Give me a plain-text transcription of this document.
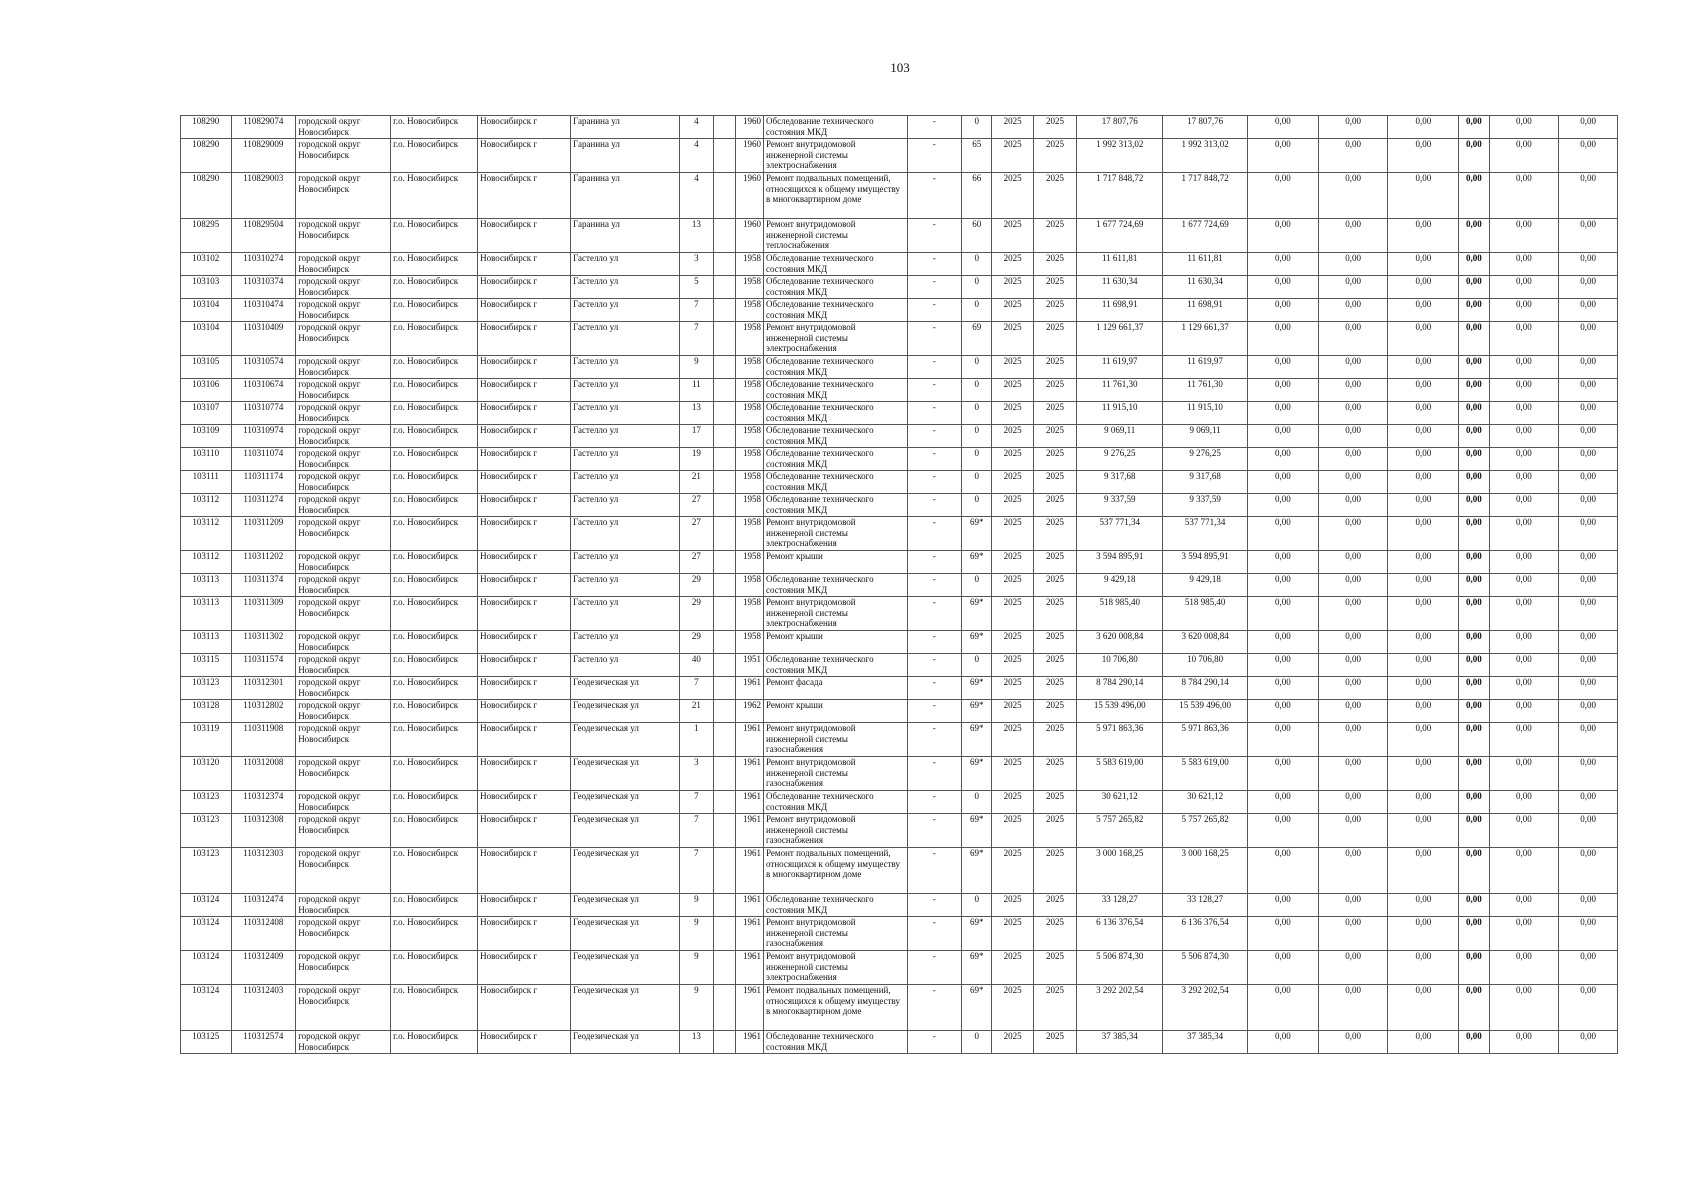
103
108290	110829074	городской округ Новосибирск	г.о. Новосибирск	Новосибирск г	Гаранина ул	4		1960	Обследование технического состояния МКД	-	0	2025	2025	17 807,76	17 807,76	0,00	0,00	0,00	0,00	0,00	0,00
108290	110829009	городской округ Новосибирск	г.о. Новосибирск	Новосибирск г	Гаранина ул	4		1960	Ремонт внутридомовой инженерной системы электроснабжения	-	65	2025	2025	1 992 313,02	1 992 313,02	0,00	0,00	0,00	0,00	0,00	0,00
108290	110829003	городской округ Новосибирск	г.о. Новосибирск	Новосибирск г	Гаранина ул	4		1960	Ремонт подвальных помещений, относящихся к общему имуществу в многоквартирном доме	-	66	2025	2025	1 717 848,72	1 717 848,72	0,00	0,00	0,00	0,00	0,00	0,00
108295	110829504	городской округ Новосибирск	г.о. Новосибирск	Новосибирск г	Гаранина ул	13		1960	Ремонт внутридомовой инженерной системы теплоснабжения	-	60	2025	2025	1 677 724,69	1 677 724,69	0,00	0,00	0,00	0,00	0,00	0,00
103102	110310274	городской округ Новосибирск	г.о. Новосибирск	Новосибирск г	Гастелло ул	3		1958	Обследование технического состояния МКД	-	0	2025	2025	11 611,81	11 611,81	0,00	0,00	0,00	0,00	0,00	0,00
103103	110310374	городской округ Новосибирск	г.о. Новосибирск	Новосибирск г	Гастелло ул	5		1958	Обследование технического состояния МКД	-	0	2025	2025	11 630,34	11 630,34	0,00	0,00	0,00	0,00	0,00	0,00
103104	110310474	городской округ Новосибирск	г.о. Новосибирск	Новосибирск г	Гастелло ул	7		1958	Обследование технического состояния МКД	-	0	2025	2025	11 698,91	11 698,91	0,00	0,00	0,00	0,00	0,00	0,00
103104	110310409	городской округ Новосибирск	г.о. Новосибирск	Новосибирск г	Гастелло ул	7		1958	Ремонт внутридомовой инженерной системы электроснабжения	-	69	2025	2025	1 129 661,37	1 129 661,37	0,00	0,00	0,00	0,00	0,00	0,00
103105	110310574	городской округ Новосибирск	г.о. Новосибирск	Новосибирск г	Гастелло ул	9		1958	Обследование технического состояния МКД	-	0	2025	2025	11 619,97	11 619,97	0,00	0,00	0,00	0,00	0,00	0,00
103106	110310674	городской округ Новосибирск	г.о. Новосибирск	Новосибирск г	Гастелло ул	11		1958	Обследование технического состояния МКД	-	0	2025	2025	11 761,30	11 761,30	0,00	0,00	0,00	0,00	0,00	0,00
103107	110310774	городской округ Новосибирск	г.о. Новосибирск	Новосибирск г	Гастелло ул	13		1958	Обследование технического состояния МКД	-	0	2025	2025	11 915,10	11 915,10	0,00	0,00	0,00	0,00	0,00	0,00
103109	110310974	городской округ Новосибирск	г.о. Новосибирск	Новосибирск г	Гастелло ул	17		1958	Обследование технического состояния МКД	-	0	2025	2025	9 069,11	9 069,11	0,00	0,00	0,00	0,00	0,00	0,00
103110	110311074	городской округ Новосибирск	г.о. Новосибирск	Новосибирск г	Гастелло ул	19		1958	Обследование технического состояния МКД	-	0	2025	2025	9 276,25	9 276,25	0,00	0,00	0,00	0,00	0,00	0,00
103111	110311174	городской округ Новосибирск	г.о. Новосибирск	Новосибирск г	Гастелло ул	21		1958	Обследование технического состояния МКД	-	0	2025	2025	9 317,68	9 317,68	0,00	0,00	0,00	0,00	0,00	0,00
103112	110311274	городской округ Новосибирск	г.о. Новосибирск	Новосибирск г	Гастелло ул	27		1958	Обследование технического состояния МКД	-	0	2025	2025	9 337,59	9 337,59	0,00	0,00	0,00	0,00	0,00	0,00
103112	110311209	городской округ Новосибирск	г.о. Новосибирск	Новосибирск г	Гастелло ул	27		1958	Ремонт внутридомовой инженерной системы электроснабжения	-	69*	2025	2025	537 771,34	537 771,34	0,00	0,00	0,00	0,00	0,00	0,00
103112	110311202	городской округ Новосибирск	г.о. Новосибирск	Новосибирск г	Гастелло ул	27		1958	Ремонт крыши	-	69*	2025	2025	3 594 895,91	3 594 895,91	0,00	0,00	0,00	0,00	0,00	0,00
103113	110311374	городской округ Новосибирск	г.о. Новосибирск	Новосибирск г	Гастелло ул	29		1958	Обследование технического состояния МКД	-	0	2025	2025	9 429,18	9 429,18	0,00	0,00	0,00	0,00	0,00	0,00
103113	110311309	городской округ Новосибирск	г.о. Новосибирск	Новосибирск г	Гастелло ул	29		1958	Ремонт внутридомовой инженерной системы электроснабжения	-	69*	2025	2025	518 985,40	518 985,40	0,00	0,00	0,00	0,00	0,00	0,00
103113	110311302	городской округ Новосибирск	г.о. Новосибирск	Новосибирск г	Гастелло ул	29		1958	Ремонт крыши	-	69*	2025	2025	3 620 008,84	3 620 008,84	0,00	0,00	0,00	0,00	0,00	0,00
103115	110311574	городской округ Новосибирск	г.о. Новосибирск	Новосибирск г	Гастелло ул	40		1951	Обследование технического состояния МКД	-	0	2025	2025	10 706,80	10 706,80	0,00	0,00	0,00	0,00	0,00	0,00
103123	110312301	городской округ Новосибирск	г.о. Новосибирск	Новосибирск г	Геодезическая ул	7		1961	Ремонт фасада	-	69*	2025	2025	8 784 290,14	8 784 290,14	0,00	0,00	0,00	0,00	0,00	0,00
103128	110312802	городской округ Новосибирск	г.о. Новосибирск	Новосибирск г	Геодезическая ул	21		1962	Ремонт крыши	-	69*	2025	2025	15 539 496,00	15 539 496,00	0,00	0,00	0,00	0,00	0,00	0,00
103119	110311908	городской округ Новосибирск	г.о. Новосибирск	Новосибирск г	Геодезическая ул	1		1961	Ремонт внутридомовой инженерной системы газоснабжения	-	69*	2025	2025	5 971 863,36	5 971 863,36	0,00	0,00	0,00	0,00	0,00	0,00
103120	110312008	городской округ Новосибирск	г.о. Новосибирск	Новосибирск г	Геодезическая ул	3		1961	Ремонт внутридомовой инженерной системы газоснабжения	-	69*	2025	2025	5 583 619,00	5 583 619,00	0,00	0,00	0,00	0,00	0,00	0,00
103123	110312374	городской округ Новосибирск	г.о. Новосибирск	Новосибирск г	Геодезическая ул	7		1961	Обследование технического состояния МКД	-	0	2025	2025	30 621,12	30 621,12	0,00	0,00	0,00	0,00	0,00	0,00
103123	110312308	городской округ Новосибирск	г.о. Новосибирск	Новосибирск г	Геодезическая ул	7		1961	Ремонт внутридомовой инженерной системы газоснабжения	-	69*	2025	2025	5 757 265,82	5 757 265,82	0,00	0,00	0,00	0,00	0,00	0,00
103123	110312303	городской округ Новосибирск	г.о. Новосибирск	Новосибирск г	Геодезическая ул	7		1961	Ремонт подвальных помещений, относящихся к общему имуществу в многоквартирном доме	-	69*	2025	2025	3 000 168,25	3 000 168,25	0,00	0,00	0,00	0,00	0,00	0,00
103124	110312474	городской округ Новосибирск	г.о. Новосибирск	Новосибирск г	Геодезическая ул	9		1961	Обследование технического состояния МКД	-	0	2025	2025	33 128,27	33 128,27	0,00	0,00	0,00	0,00	0,00	0,00
103124	110312408	городской округ Новосибирск	г.о. Новосибирск	Новосибирск г	Геодезическая ул	9		1961	Ремонт внутридомовой инженерной системы газоснабжения	-	69*	2025	2025	6 136 376,54	6 136 376,54	0,00	0,00	0,00	0,00	0,00	0,00
103124	110312409	городской округ Новосибирск	г.о. Новосибирск	Новосибирск г	Геодезическая ул	9		1961	Ремонт внутридомовой инженерной системы электроснабжения	-	69*	2025	2025	5 506 874,30	5 506 874,30	0,00	0,00	0,00	0,00	0,00	0,00
103124	110312403	городской округ Новосибирск	г.о. Новосибирск	Новосибирск г	Геодезическая ул	9		1961	Ремонт подвальных помещений, относящихся к общему имуществу в многоквартирном доме	-	69*	2025	2025	3 292 202,54	3 292 202,54	0,00	0,00	0,00	0,00	0,00	0,00
103125	110312574	городской округ Новосибирск	г.о. Новосибирск	Новосибирск г	Геодезическая ул	13		1961	Обследование технического состояния МКД	-	0	2025	2025	37 385,34	37 385,34	0,00	0,00	0,00	0,00	0,00	0,00
